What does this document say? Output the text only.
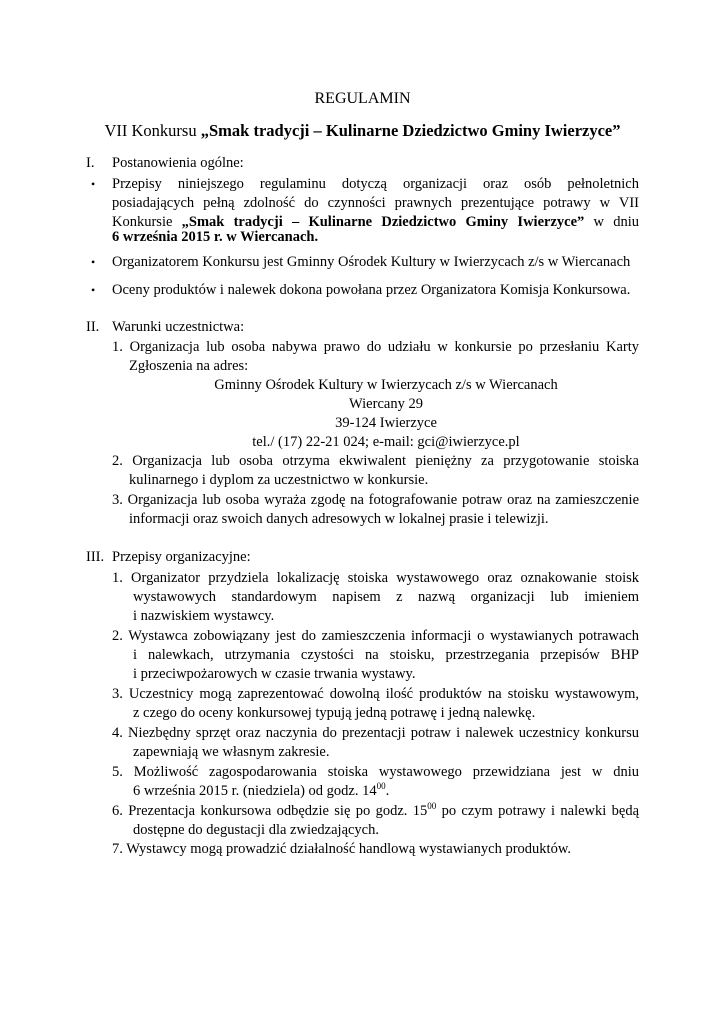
REGULAMIN
VII Konkursu „Smak tradycji – Kulinarne Dziedzictwo Gminy Iwierzyce”
I. Postanowienia ogólne:
• Przepisy niniejszego regulaminu dotyczą organizacji oraz osób pełnoletnich
posiadających pełną zdolność do czynności prawnych prezentujące potrawy w VII
Konkursie „Smak tradycji – Kulinarne Dziedzictwo Gminy Iwierzyce” w dniu
6 września 2015 r. w Wiercanach.
• Organizatorem Konkursu jest Gminny Ośrodek Kultury w Iwierzycach z/s w Wiercanach
• Oceny produktów i nalewek dokona powołana przez Organizatora Komisja Konkursowa.
II. Warunki uczestnictwa:
1. Organizacja lub osoba nabywa prawo do udziału w konkursie po przesłaniu Karty
Zgłoszenia na adres:
Gminny Ośrodek Kultury w Iwierzycach z/s w Wiercanach
Wiercany 29
39-124 Iwierzyce
tel./ (17) 22-21 024; e-mail: gci@iwierzyce.pl
2. Organizacja lub osoba otrzyma ekwiwalent pieniężny za przygotowanie stoiska
kulinarnego i dyplom za uczestnictwo w konkursie.
3. Organizacja lub osoba wyraża zgodę na fotografowanie potraw oraz na zamieszczenie
informacji oraz swoich danych adresowych w lokalnej prasie i telewizji.
III. Przepisy organizacyjne:
1. Organizator przydziela lokalizację stoiska wystawowego oraz oznakowanie stoisk
wystawowych standardowym napisem z nazwą organizacji lub imieniem
i nazwiskiem wystawcy.
2. Wystawca zobowiązany jest do zamieszczenia informacji o wystawianych potrawach
i nalewkach, utrzymania czystości na stoisku, przestrzegania przepisów BHP
i przeciwpożarowych w czasie trwania wystawy.
3. Uczestnicy mogą zaprezentować dowolną ilość produktów na stoisku wystawowym,
z czego do oceny konkursowej typują jedną potrawę i jedną nalewkę.
4. Niezbędny sprzęt oraz naczynia do prezentacji potraw i nalewek uczestnicy konkursu
zapewniają we własnym zakresie.
5. Możliwość zagospodarowania stoiska wystawowego przewidziana jest w dniu
6 września 2015 r. (niedziela) od godz. $14^{00}$.
6. Prezentacja konkursowa odbędzie się po godz. $15^{00}$ po czym potrawy i nalewki będą
dostępne do degustacji dla zwiedzających.
7. Wystawcy mogą prowadzić działalność handlową wystawianych produktów.
